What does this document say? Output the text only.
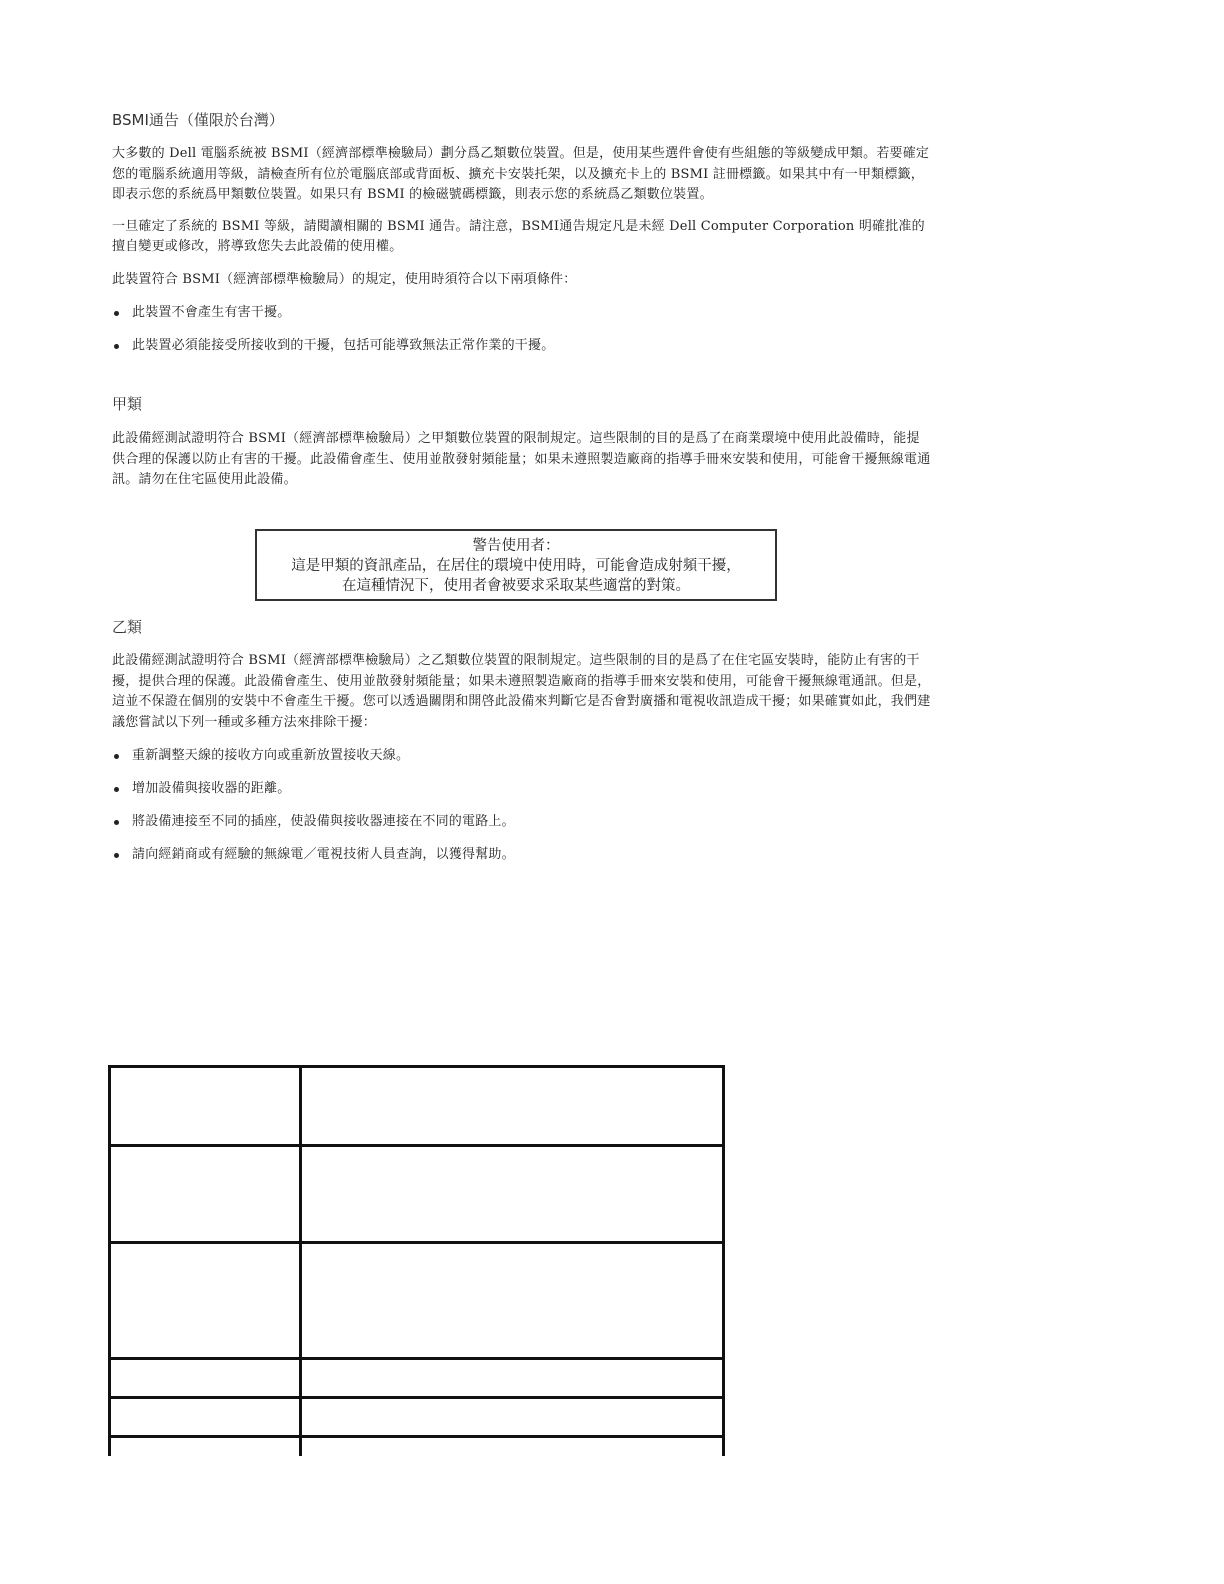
BSMI通告（僅限於台灣）

大多數的 Dell 電腦系統被 BSMI（經濟部標準檢驗局）劃分爲乙類數位裝置。但是，使用某些選件會使有些組態的等級變成甲類。若要確定您的電腦系統適用等級，請檢查所有位於電腦底部或背面板、擴充卡安裝托架，以及擴充卡上的 BSMI 註冊標籤。如果其中有一甲類標籤，即表示您的系統爲甲類數位裝置。如果只有 BSMI 的檢磁號碼標籤，則表示您的系統爲乙類數位裝置。

一旦確定了系統的 BSMI 等級，請閱讀相關的 BSMI 通告。請注意，BSMI通告規定凡是未經 Dell Computer Corporation 明確批准的擅自變更或修改，將導致您失去此設備的使用權。

此裝置符合 BSMI（經濟部標準檢驗局）的規定，使用時須符合以下兩項條件：

此裝置不會產生有害干擾。
此裝置必須能接受所接收到的干擾，包括可能導致無法正常作業的干擾。

甲類

此設備經測試證明符合 BSMI（經濟部標準檢驗局）之甲類數位裝置的限制規定。這些限制的目的是爲了在商業環境中使用此設備時，能提供合理的保護以防止有害的干擾。此設備會產生、使用並散發射頻能量；如果未遵照製造廠商的指導手冊來安裝和使用，可能會干擾無線電通訊。請勿在住宅區使用此設備。

警告使用者：
這是甲類的資訊產品，在居住的環境中使用時，可能會造成射頻干擾，
在這種情況下，使用者會被要求采取某些適當的對策。

乙類

此設備經測試證明符合 BSMI（經濟部標準檢驗局）之乙類數位裝置的限制規定。這些限制的目的是爲了在住宅區安裝時，能防止有害的干擾，提供合理的保護。此設備會產生、使用並散發射頻能量；如果未遵照製造廠商的指導手冊來安裝和使用，可能會干擾無線電通訊。但是，這並不保證在個別的安裝中不會產生干擾。您可以透過關閉和開啓此設備來判斷它是否會對廣播和電視收訊造成干擾；如果確實如此，我們建議您嘗試以下列一種或多種方法來排除干擾：

重新調整天線的接收方向或重新放置接收天線。
增加設備與接收器的距離。
將設備連接至不同的插座，使設備與接收器連接在不同的電路上。
請向經銷商或有經驗的無線電／電視技術人員查詢，以獲得幫助。
